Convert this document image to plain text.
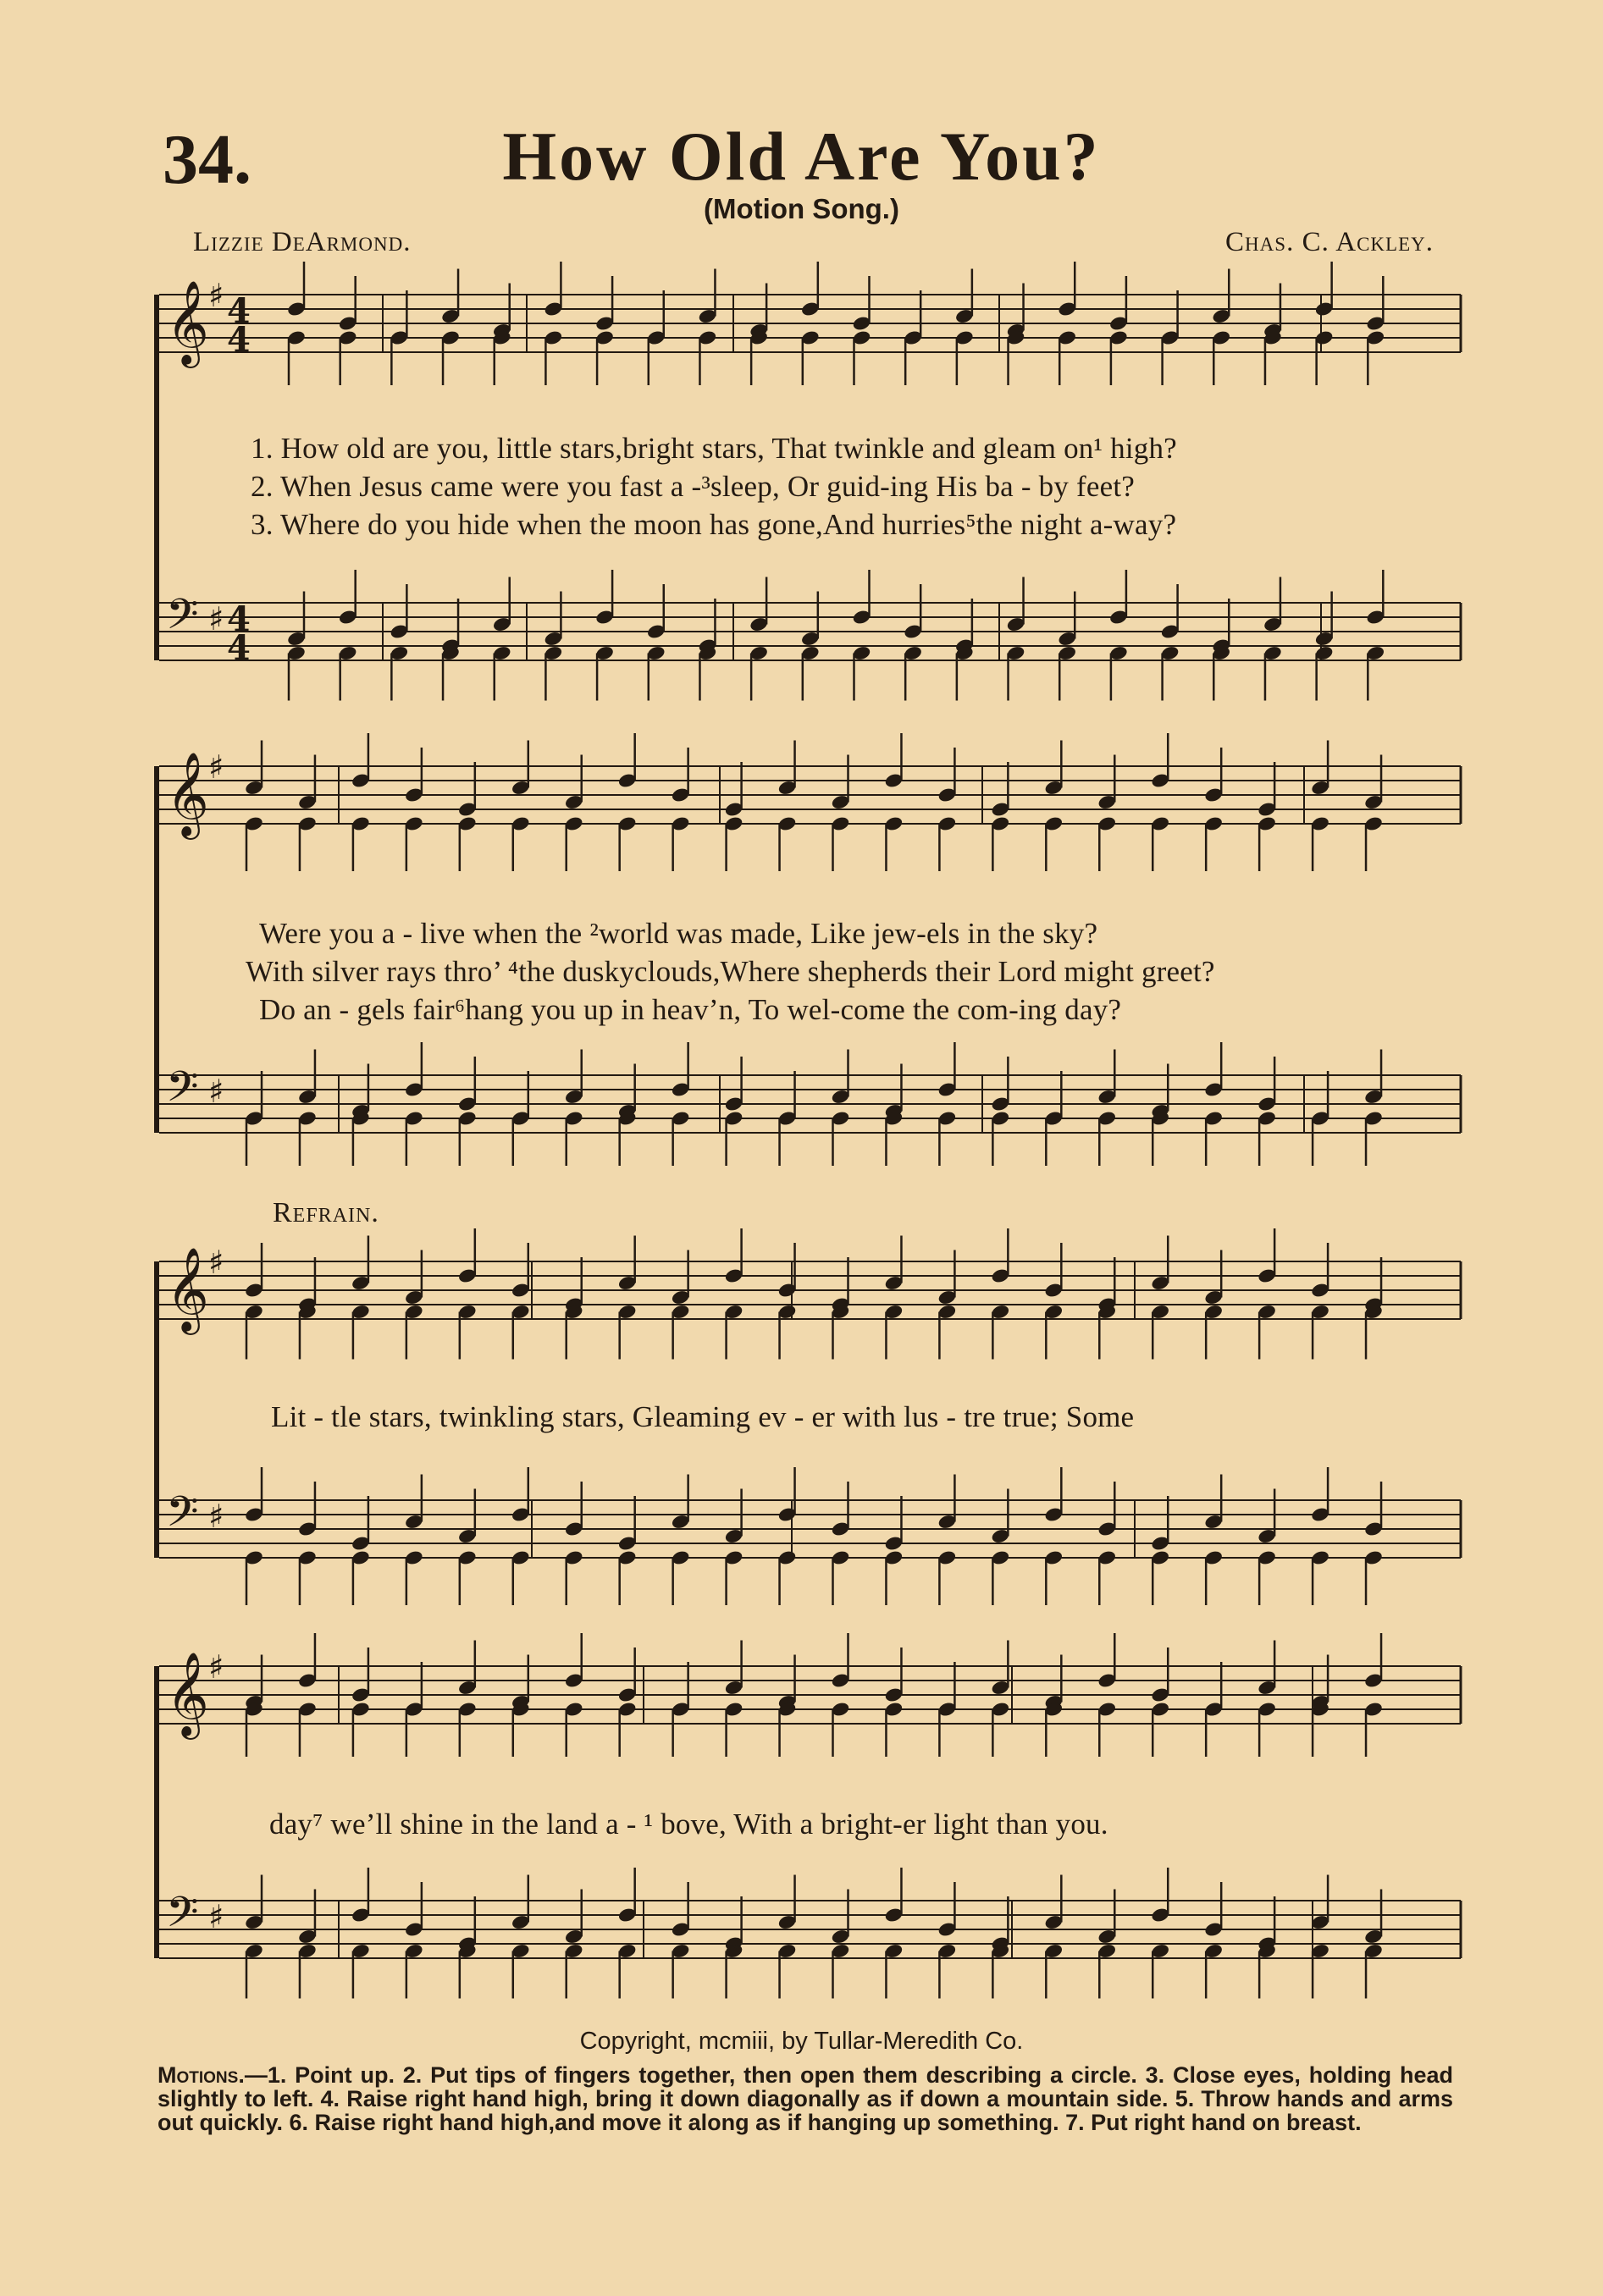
𝄞 ♯ 4
4
𝄢 ♯ 4
4
𝄞 ♯
𝄢 ♯
𝄞 ♯
𝄢 ♯
𝄞 ♯
𝄢 ♯
34.	How Old Are You?
(Motion Song.)
Lizzie DeArmond.	Chas. C. Ackley.
1. How old are you, little stars,bright stars, That twinkle and gleam on¹ high?
2. When Jesus came were you fast a -³sleep, Or guid-ing His ba - by feet?
3. Where do you hide when the moon has gone,And hurries⁵the night a-way?
Were you a - live when the ²world was made, Like jew-els in the sky?
With silver rays thro’ ⁴the duskyclouds,Where shepherds their Lord might greet?
Do an - gels fair⁶hang you up in heav’n, To wel-come the com-ing day?
Refrain.
Lit - tle stars, twinkling stars, Gleaming ev - er with lus - tre true; Some
day⁷ we’ll shine in the land a - ¹ bove, With a bright-er light than you.
Copyright, mcmiii, by Tullar-Meredith Co.
Motions.—1. Point up. 2. Put tips of fingers together, then open them describing a circle. 3. Close eyes, holding head slightly to left. 4. Raise right hand high, bring it down diagonally as if down a mountain side. 5. Throw hands and arms out quickly. 6. Raise right hand high,and move it along as if hanging up something. 7. Put right hand on breast.
